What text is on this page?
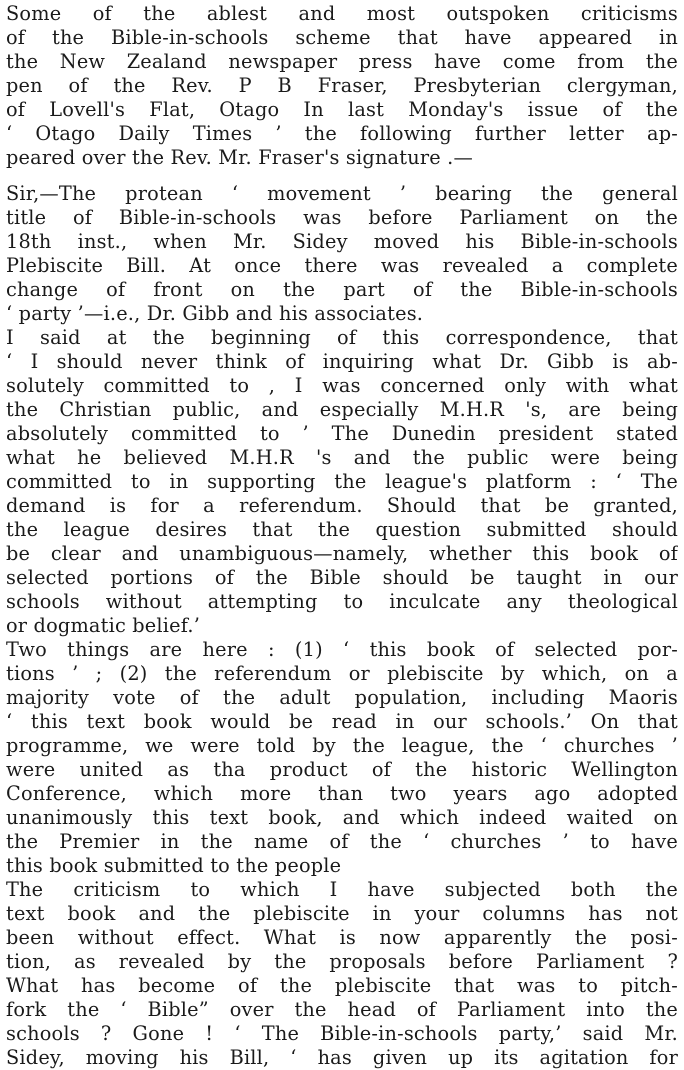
Some of the ablest and most outspoken criticisms
of the Bible-in-schools scheme that have appeared in
the New Zealand newspaper press have come from the
pen of the Rev. P B Fraser, Presbyterian clergyman,
of Lovell's Flat, Otago In last Monday's issue of the
‘ Otago Daily Times ’ the following further letter ap-
peared over the Rev. Mr. Fraser's signature .—
Sir,—The protean ‘ movement ’ bearing the general
title of Bible-in-schools was before Parliament on the
18th inst., when Mr. Sidey moved his Bible-in-schools
Plebiscite Bill. At once there was revealed a complete
change of front on the part of the Bible-in-schools
‘ party ’—i.e., Dr. Gibb and his associates.
I said at the beginning of this correspondence, that
‘ I should never think of inquiring what Dr. Gibb is ab-
solutely committed to , I was concerned only with what
the Christian public, and especially M.H.R 's, are being
absolutely committed to ’ The Dunedin president stated
what he believed M.H.R 's and the public were being
committed to in supporting the league's platform : ‘ The
demand is for a referendum. Should that be granted,
the league desires that the question submitted should
be clear and unambiguous—namely, whether this book of
selected portions of the Bible should be taught in our
schools without attempting to inculcate any theological
or dogmatic belief.’
Two things are here : (1) ‘ this book of selected por-
tions ’ ; (2) the referendum or plebiscite by which, on a
majority vote of the adult population, including Maoris
‘ this text book would be read in our schools.’ On that
programme, we were told by the league, the ‘ churches ’
were united as tha product of the historic Wellington
Conference, which more than two years ago adopted
unanimously this text book, and which indeed waited on
the Premier in the name of the ‘ churches ’ to have
this book submitted to the people
The criticism to which I have subjected both the
text book and the plebiscite in your columns has not
been without effect. What is now apparently the posi-
tion, as revealed by the proposals before Parliament ?
What has become of the plebiscite that was to pitch-
fork the ‘ Bible” over the head of Parliament into the
schools ? Gone ! ‘ The Bible-in-schools party,’ said Mr.
Sidey, moving his Bill, ‘ has given up its agitation for
